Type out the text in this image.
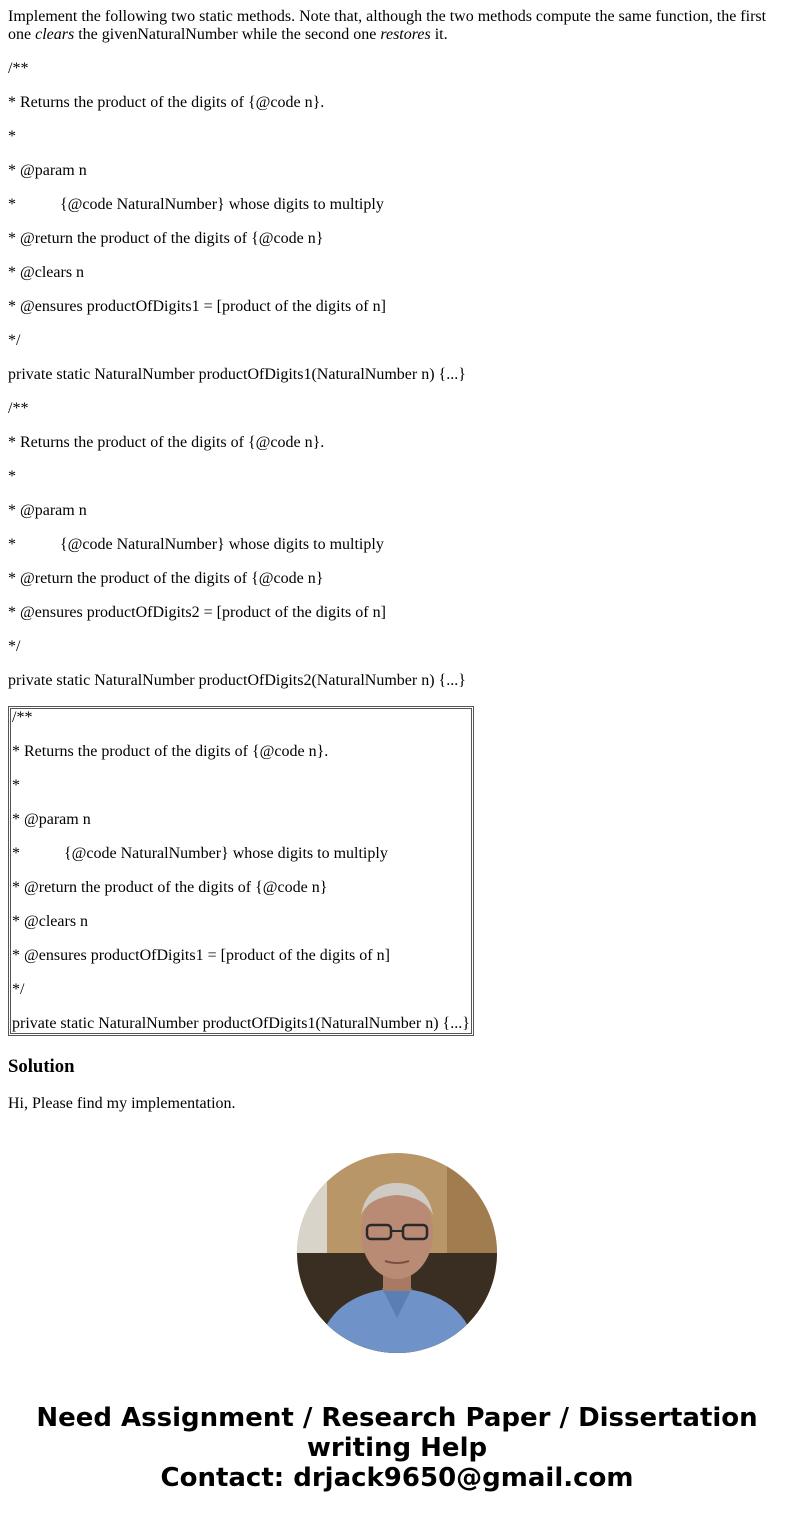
Implement the following two static methods. Note that, although the two methods compute the same function, the first one clears the givenNaturalNumber while the second one restores it.

/**

* Returns the product of the digits of {@code n}.

*

* @param n

*           {@code NaturalNumber} whose digits to multiply

* @return the product of the digits of {@code n}

* @clears n

* @ensures productOfDigits1 = [product of the digits of n]

*/

private static NaturalNumber productOfDigits1(NaturalNumber n) {...}

/**

* Returns the product of the digits of {@code n}.

*

* @param n

*           {@code NaturalNumber} whose digits to multiply

* @return the product of the digits of {@code n}

* @ensures productOfDigits2 = [product of the digits of n]

*/

private static NaturalNumber productOfDigits2(NaturalNumber n) {...}

/**

* Returns the product of the digits of {@code n}.

*

* @param n

*           {@code NaturalNumber} whose digits to multiply

* @return the product of the digits of {@code n}

* @clears n

* @ensures productOfDigits1 = [product of the digits of n]

*/

private static NaturalNumber productOfDigits1(NaturalNumber n) {...}

Solution

Hi, Please find my implementation.

Need Assignment / Research Paper / Dissertation
writing Help
Contact: drjack9650@gmail.com
